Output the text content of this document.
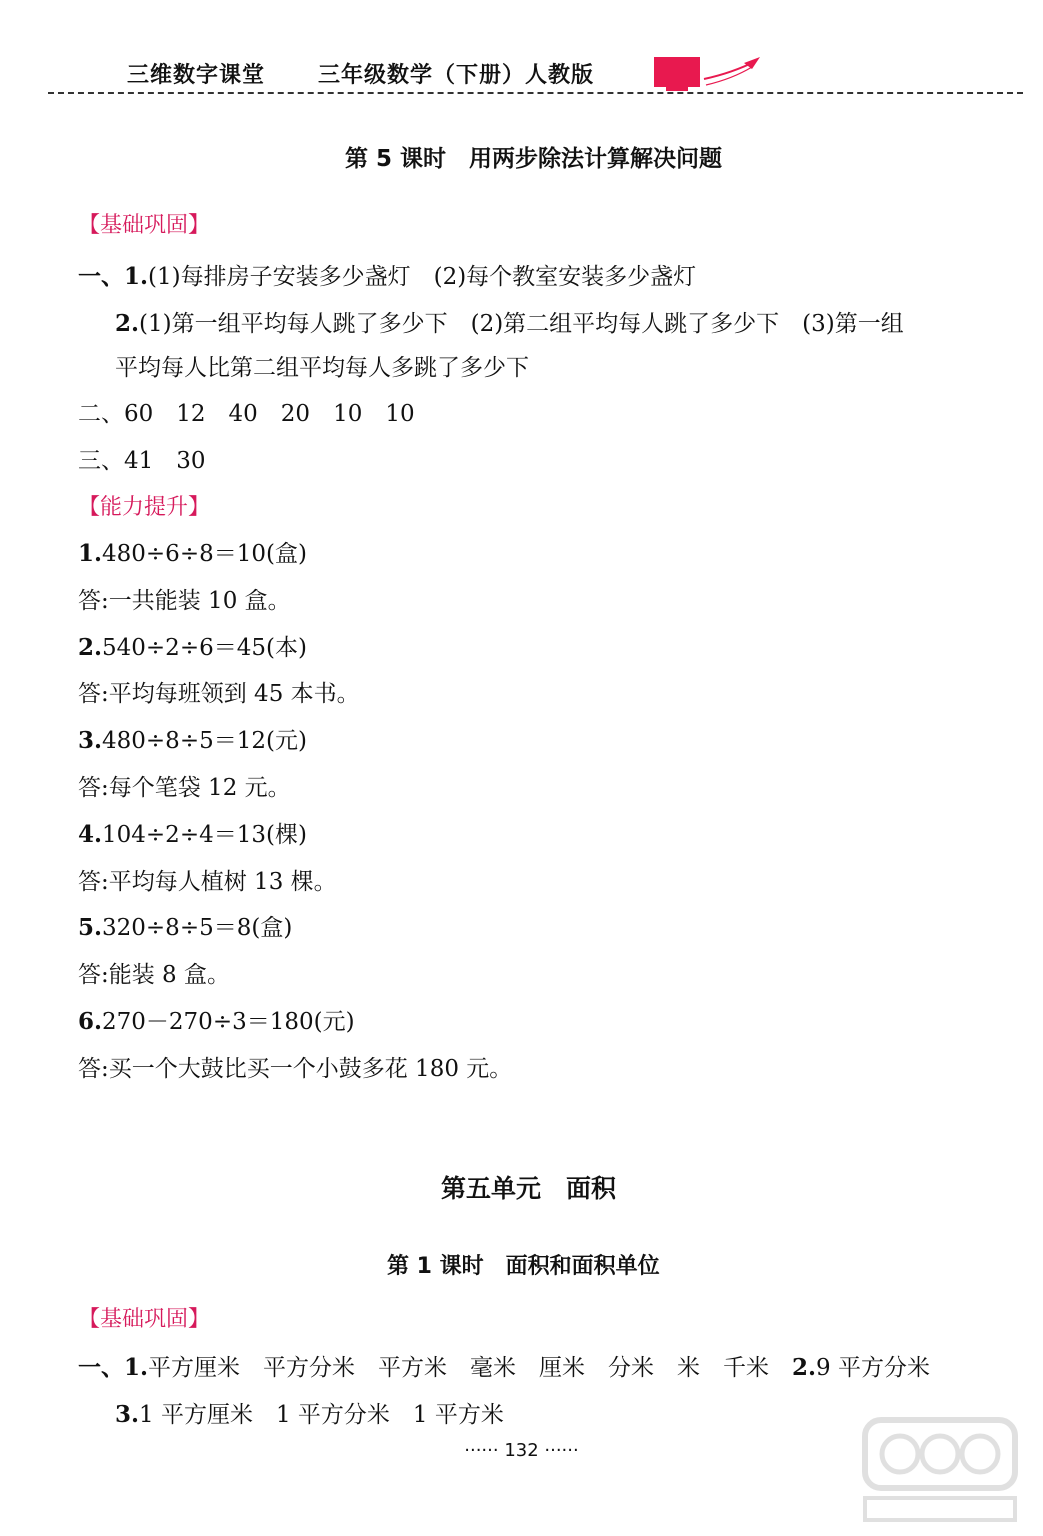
三维数字课堂 三年级数学（下册）人教版
第 5 课时　用两步除法计算解决问题
【基础巩固】
一、1.(1)每排房子安装多少盏灯　(2)每个教室安装多少盏灯
2.(1)第一组平均每人跳了多少下　(2)第二组平均每人跳了多少下　(3)第一组
平均每人比第二组平均每人多跳了多少下
二、60　12　40　20　10　10
三、41　30
【能力提升】
1.480÷6÷8＝10(盒)
答:一共能装 10 盒。
2.540÷2÷6＝45(本)
答:平均每班领到 45 本书。
3.480÷8÷5＝12(元)
答:每个笔袋 12 元。
4.104÷2÷4＝13(棵)
答:平均每人植树 13 棵。
5.320÷8÷5＝8(盒)
答:能装 8 盒。
6.270－270÷3＝180(元)
答:买一个大鼓比买一个小鼓多花 180 元。
第五单元　面积
第 1 课时　面积和面积单位
【基础巩固】
一、1.平方厘米　平方分米　平方米　毫米　厘米　分米　米　千米　 2.9 平方分米
3.1 平方厘米　1 平方分米　1 平方米
······ 132 ······
